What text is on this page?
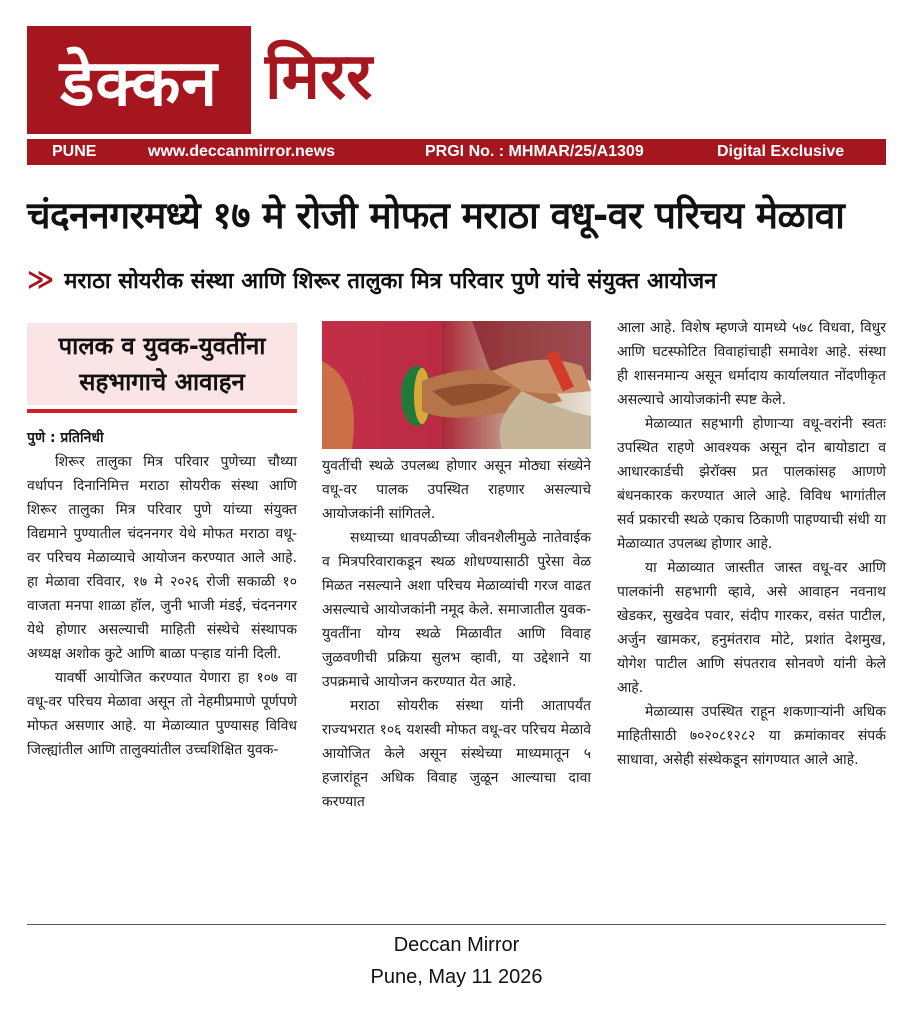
डेक्कन मिरर
PUNE	www.deccanmirror.news	PRGI No. : MHMAR/25/A1309	Digital Exclusive
चंदननगरमध्ये १७ मे रोजी मोफत मराठा वधू-वर परिचय मेळावा
≫ मराठा सोयरीक संस्था आणि शिरूर तालुका मित्र परिवार पुणे यांचे संयुक्त आयोजन
पालक व युवक-युवतींना सहभागाचे आवाहन

पुणे : प्रतिनिधी

शिरूर तालुका मित्र परिवार पुणेच्या चौथ्या वर्धापन दिनानिमित्त मराठा सोयरीक संस्था आणि शिरूर तालुका मित्र परिवार पुणे यांच्या संयुक्त विद्यमाने पुण्यातील चंदननगर येथे मोफत मराठा वधू-वर परिचय मेळाव्याचे आयोजन करण्यात आले आहे. हा मेळावा रविवार, १७ मे २०२६ रोजी सकाळी १० वाजता मनपा शाळा हॉल, जुनी भाजी मंडई, चंदननगर येथे होणार असल्याची माहिती संस्थेचे संस्थापक अध्यक्ष अशोक कुटे आणि बाळा पऱ्हाड यांनी दिली.

यावर्षी आयोजित करण्यात येणारा हा १०७ वा वधू-वर परिचय मेळावा असून तो नेहमीप्रमाणे पूर्णपणे मोफत असणार आहे. या मेळाव्यात पुण्यासह विविध जिल्ह्यांतील आणि तालुक्यांतील उच्चशिक्षित युवक-

युवतींची स्थळे उपलब्ध होणार असून मोठ्या संख्येने वधू-वर पालक उपस्थित राहणार असल्याचे आयोजकांनी सांगितले.

सध्याच्या धावपळीच्या जीवनशैलीमुळे नातेवाईक व मित्रपरिवाराकडून स्थळ शोधण्यासाठी पुरेसा वेळ मिळत नसल्याने अशा परिचय मेळाव्यांची गरज वाढत असल्याचे आयोजकांनी नमूद केले. समाजातील युवक-युवतींना योग्य स्थळे मिळावीत आणि विवाह जुळवणीची प्रक्रिया सुलभ व्हावी, या उद्देशाने या उपक्रमाचे आयोजन करण्यात येत आहे.

मराठा सोयरीक संस्था यांनी आतापर्यंत राज्यभरात १०६ यशस्वी मोफत वधू-वर परिचय मेळावे आयोजित केले असून संस्थेच्या माध्यमातून ५ हजारांहून अधिक विवाह जुळून आल्याचा दावा करण्यात

आला आहे. विशेष म्हणजे यामध्ये ५७८ विधवा, विधुर आणि घटस्फोटित विवाहांचाही समावेश आहे. संस्था ही शासनमान्य असून धर्मादाय कार्यालयात नोंदणीकृत असल्याचे आयोजकांनी स्पष्ट केले.

मेळाव्यात सहभागी होणाऱ्या वधू-वरांनी स्वतः उपस्थित राहणे आवश्यक असून दोन बायोडाटा व आधारकार्डची झेरॉक्स प्रत पालकांसह आणणे बंधनकारक करण्यात आले आहे. विविध भागांतील सर्व प्रकारची स्थळे एकाच ठिकाणी पाहण्याची संधी या मेळाव्यात उपलब्ध होणार आहे.

या मेळाव्यात जास्तीत जास्त वधू-वर आणि पालकांनी सहभागी व्हावे, असे आवाहन नवनाथ खेडकर, सुखदेव पवार, संदीप गारकर, वसंत पाटील, अर्जुन खामकर, हनुमंतराव मोटे, प्रशांत देशमुख, योगेश पाटील आणि संपतराव सोनवणे यांनी केले आहे.

मेळाव्यास उपस्थित राहून शकणाऱ्यांनी अधिक माहितीसाठी ७०२०८१२८२ या क्रमांकावर संपर्क साधावा, असेही संस्थेकडून सांगण्यात आले आहे.

Deccan Mirror
Pune, May 11 2026
